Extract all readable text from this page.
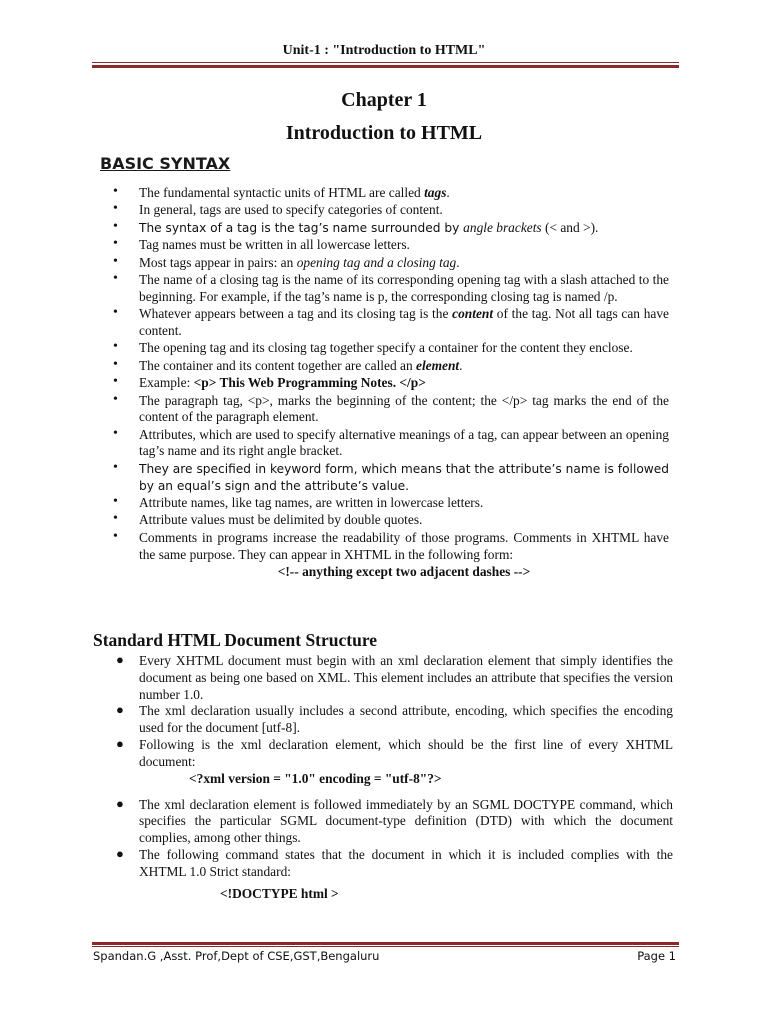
Unit-1 : "Introduction to HTML"
Chapter 1
Introduction to HTML
BASIC SYNTAX
• The fundamental syntactic units of HTML are called tags.
• In general, tags are used to specify categories of content.
• The syntax of a tag is the tag’s name surrounded by angle brackets (< and >).
• Tag names must be written in all lowercase letters.
• Most tags appear in pairs: an opening tag and a closing tag.
• The name of a closing tag is the name of its corresponding opening tag with a slash attached to the beginning. For example, if the tag’s name is p, the corresponding closing tag is named /p.
• Whatever appears between a tag and its closing tag is the content of the tag. Not all tags can have content.
• The opening tag and its closing tag together specify a container for the content they enclose.
• The container and its content together are called an element.
• Example: <p> This Web Programming Notes. </p>
• The paragraph tag, <p>, marks the beginning of the content; the </p> tag marks the end of the content of the paragraph element.
• Attributes, which are used to specify alternative meanings of a tag, can appear between an opening tag’s name and its right angle bracket.
• They are specified in keyword form, which means that the attribute’s name is followed by an equal’s sign and the attribute’s value.
• Attribute names, like tag names, are written in lowercase letters.
• Attribute values must be delimited by double quotes.
• Comments in programs increase the readability of those programs. Comments in XHTML have the same purpose. They can appear in XHTML in the following form:
<!-- anything except two adjacent dashes -->
Standard HTML Document Structure
● Every XHTML document must begin with an xml declaration element that simply identifies the document as being one based on XML. This element includes an attribute that specifies the version number 1.0.
● The xml declaration usually includes a second attribute, encoding, which specifies the encoding used for the document [utf-8].
● Following is the xml declaration element, which should be the first line of every XHTML document:
● The xml declaration element is followed immediately by an SGML DOCTYPE command, which specifies the particular SGML document-type definition (DTD) with which the document complies, among other things.
● The following command states that the document in which it is included complies with the XHTML 1.0 Strict standard:
<?xml version = "1.0" encoding = "utf-8"?>
<!DOCTYPE html >
Spandan.G ,Asst. Prof,Dept of CSE,GST,Bengaluru	Page 1
